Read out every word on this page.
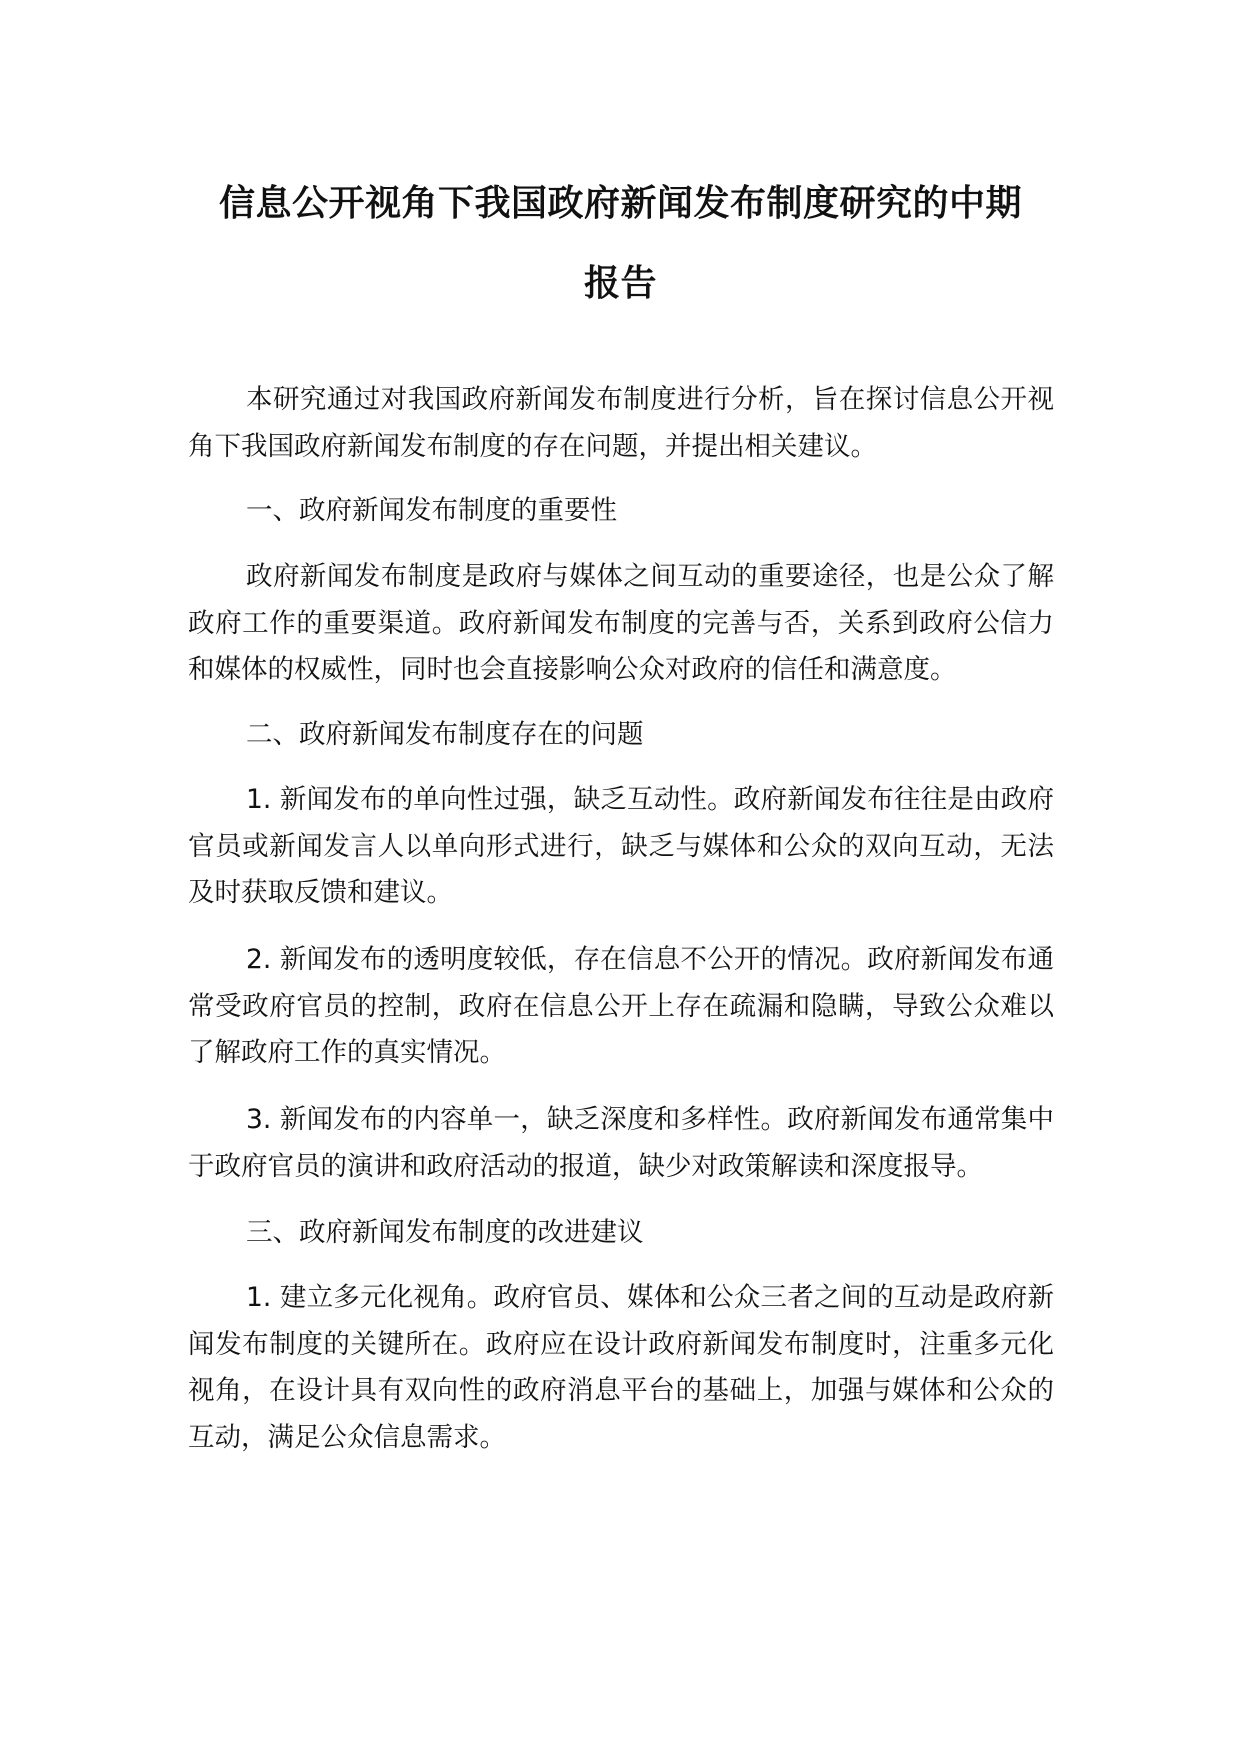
信息公开视角下我国政府新闻发布制度研究的中期
报告

本研究通过对我国政府新闻发布制度进行分析，旨在探讨信息公开视角下我国政府新闻发布制度的存在问题，并提出相关建议。

一、政府新闻发布制度的重要性

政府新闻发布制度是政府与媒体之间互动的重要途径，也是公众了解政府工作的重要渠道。政府新闻发布制度的完善与否，关系到政府公信力和媒体的权威性，同时也会直接影响公众对政府的信任和满意度。

二、政府新闻发布制度存在的问题

1. 新闻发布的单向性过强，缺乏互动性。政府新闻发布往往是由政府官员或新闻发言人以单向形式进行，缺乏与媒体和公众的双向互动，无法及时获取反馈和建议。

2. 新闻发布的透明度较低，存在信息不公开的情况。政府新闻发布通常受政府官员的控制，政府在信息公开上存在疏漏和隐瞒，导致公众难以了解政府工作的真实情况。

3. 新闻发布的内容单一，缺乏深度和多样性。政府新闻发布通常集中于政府官员的演讲和政府活动的报道，缺少对政策解读和深度报导。

三、政府新闻发布制度的改进建议

1. 建立多元化视角。政府官员、媒体和公众三者之间的互动是政府新闻发布制度的关键所在。政府应在设计政府新闻发布制度时，注重多元化视角，在设计具有双向性的政府消息平台的基础上，加强与媒体和公众的互动，满足公众信息需求。
